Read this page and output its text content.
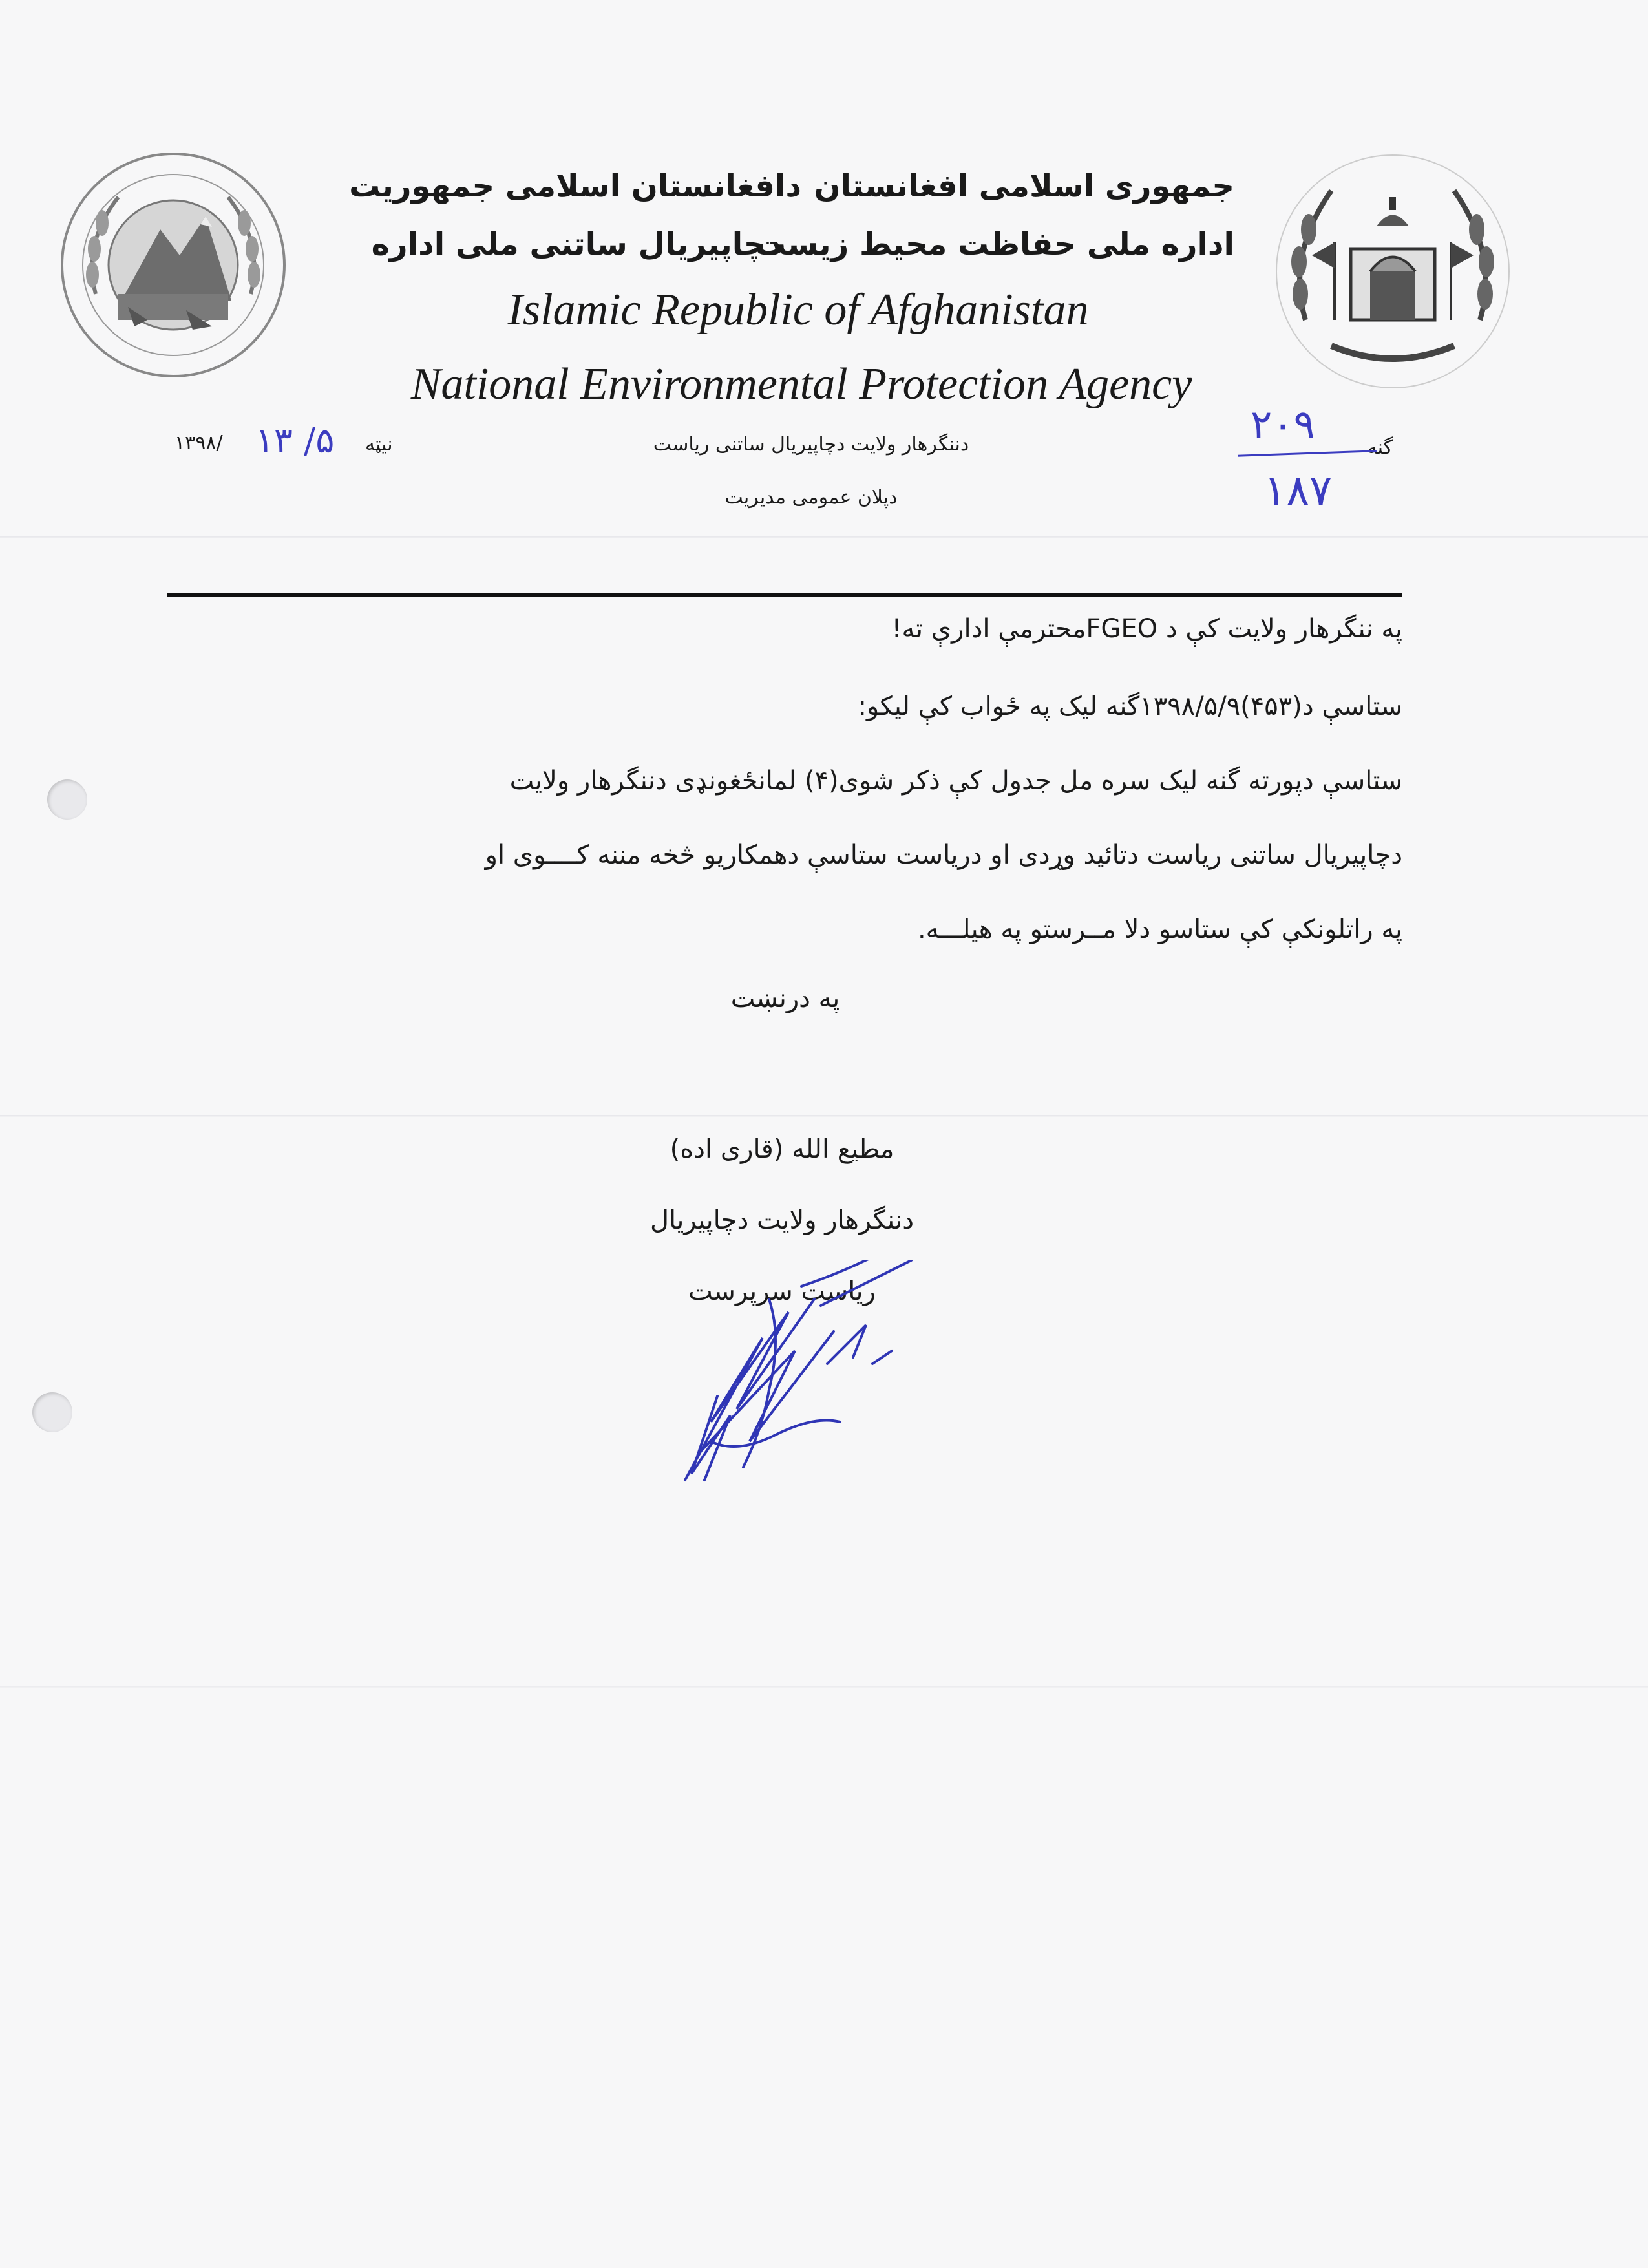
جمهوری اسلامی افغانستان
دافغانستان اسلامی جمهوریت
اداره ملی حفاظت محیط زیست
دچاپیریال ساتنی ملی اداره
Islamic Republic of Afghanistan
National Environmental Protection Agency
گنه
۲۰۹
۱۸۷
دننگرهار ولایت دچاپیریال ساتنی ریاست
دپلان عمومی مدیریت
نیټه
۱۳ /۵
۱۳۹۸/
په ننگرهار ولایت کې د FGEOمحترمې ادارې ته!
ستاسې د(۴۵۳)۱۳۹۸/۵/۹گنه لیک په ځواب کې لیکو:
ستاسې دپورته گنه لیک سره مل جدول کې ذکر شوی(۴) لمانځغونډی دننگرهار ولایت
دچاپیریال ساتنی ریاست دتائید وړدی او دریاست ستاسې دهمکاریو څخه مننه کــــوی او
په راتلونکې کې ستاسو دلا مــرستو په هیلـــه.
په درنښت
مطیع الله (قاری اده)
دننگرهار ولایت دچاپیریال
ریاست سرپرست
